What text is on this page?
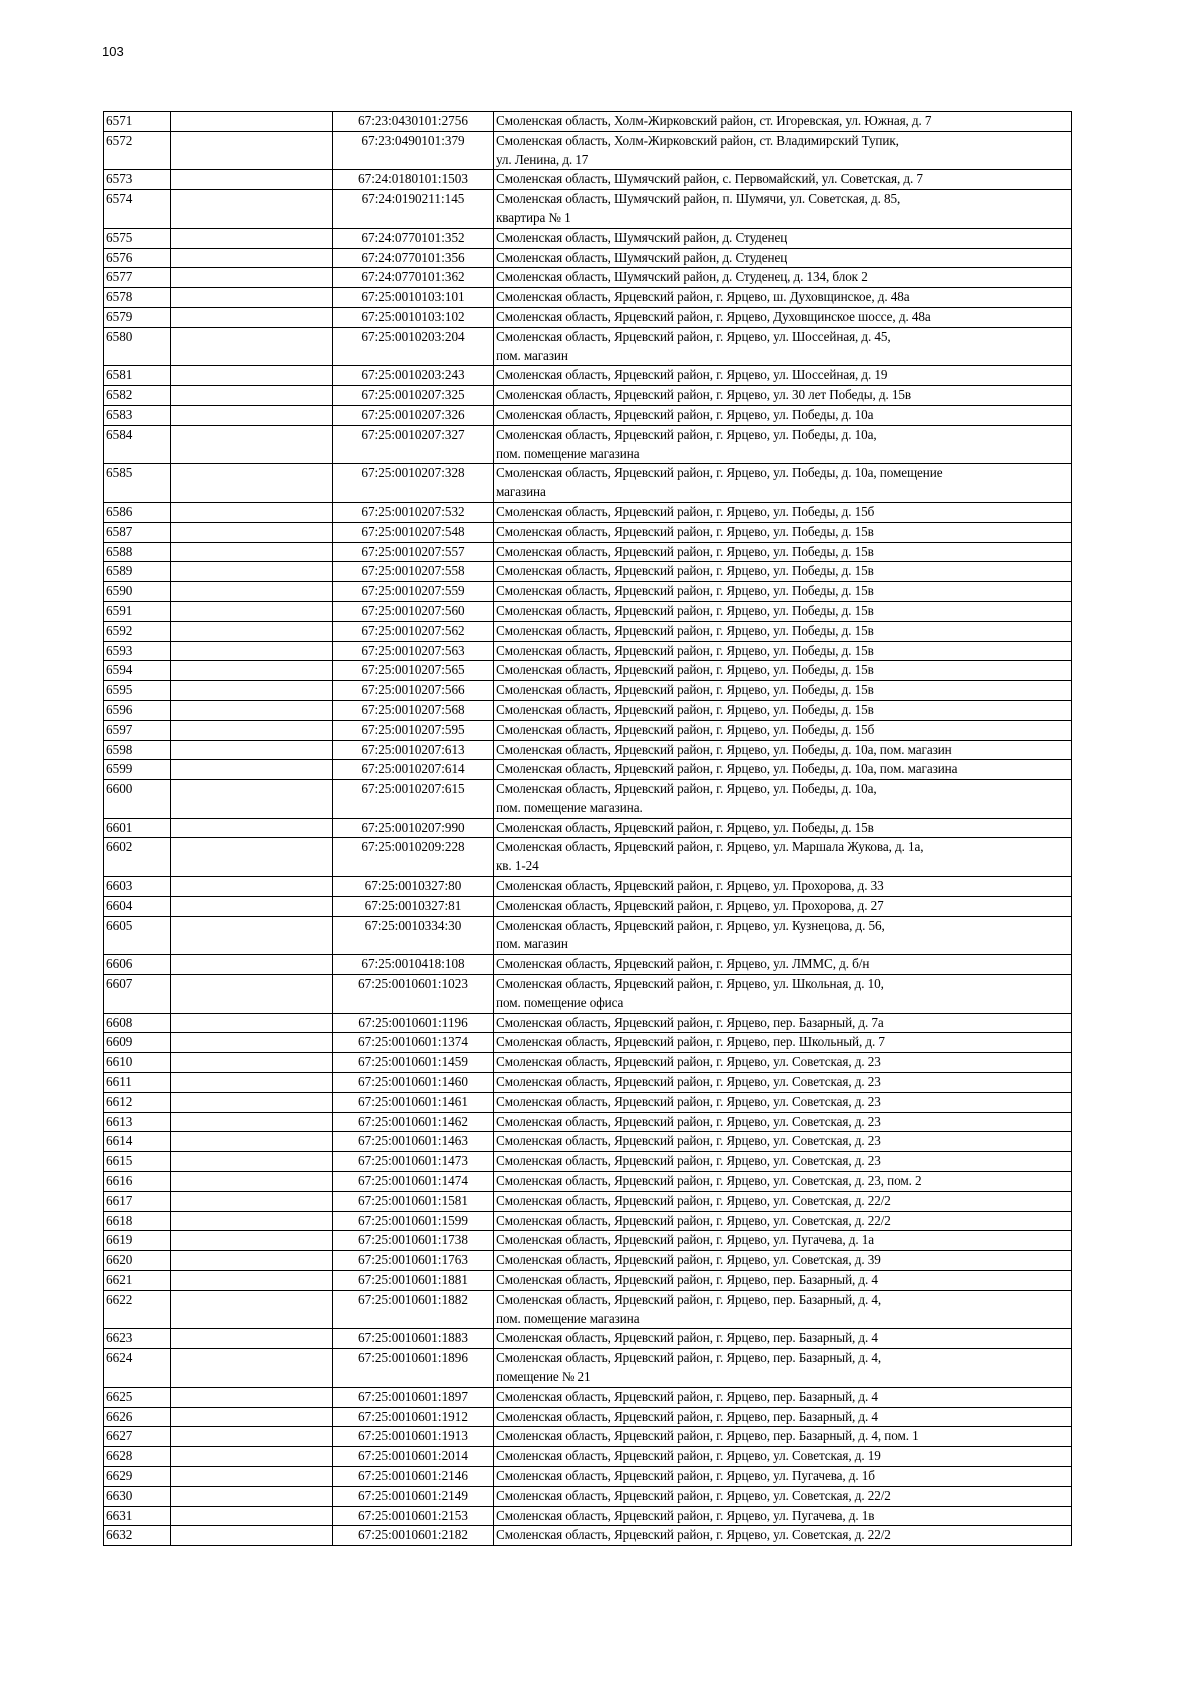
103
6571		67:23:0430101:2756	Смоленская область, Холм-Жирковский район, ст. Игоревская, ул. Южная, д. 7
6572		67:23:0490101:379	Смоленская область, Холм-Жирковский район, ст. Владимирский Тупик,
ул. Ленина, д. 17
6573		67:24:0180101:1503	Смоленская область, Шумячский район, с. Первомайский, ул. Советская, д. 7
6574		67:24:0190211:145	Смоленская область, Шумячский район, п. Шумячи, ул. Советская, д. 85,
квартира № 1
6575		67:24:0770101:352	Смоленская область, Шумячский район, д. Студенец
6576		67:24:0770101:356	Смоленская область, Шумячский район, д. Студенец
6577		67:24:0770101:362	Смоленская область, Шумячский район, д. Студенец, д. 134, блок 2
6578		67:25:0010103:101	Смоленская область, Ярцевский район, г. Ярцево, ш. Духовщинское, д. 48а
6579		67:25:0010103:102	Смоленская область, Ярцевский район, г. Ярцево, Духовщинское шоссе, д. 48а
6580		67:25:0010203:204	Смоленская область, Ярцевский район, г. Ярцево, ул. Шоссейная, д. 45,
пом. магазин
6581		67:25:0010203:243	Смоленская область, Ярцевский район, г. Ярцево, ул. Шоссейная, д. 19
6582		67:25:0010207:325	Смоленская область, Ярцевский район, г. Ярцево, ул. 30 лет Победы, д. 15в
6583		67:25:0010207:326	Смоленская область, Ярцевский район, г. Ярцево, ул. Победы, д. 10а
6584		67:25:0010207:327	Смоленская область, Ярцевский район, г. Ярцево, ул. Победы, д. 10а,
пом. помещение магазина
6585		67:25:0010207:328	Смоленская область, Ярцевский район, г. Ярцево, ул. Победы, д. 10а, помещение
магазина
6586		67:25:0010207:532	Смоленская область, Ярцевский район, г. Ярцево, ул. Победы, д. 15б
6587		67:25:0010207:548	Смоленская область, Ярцевский район, г. Ярцево, ул. Победы, д. 15в
6588		67:25:0010207:557	Смоленская область, Ярцевский район, г. Ярцево, ул. Победы, д. 15в
6589		67:25:0010207:558	Смоленская область, Ярцевский район, г. Ярцево, ул. Победы, д. 15в
6590		67:25:0010207:559	Смоленская область, Ярцевский район, г. Ярцево, ул. Победы, д. 15в
6591		67:25:0010207:560	Смоленская область, Ярцевский район, г. Ярцево, ул. Победы, д. 15в
6592		67:25:0010207:562	Смоленская область, Ярцевский район, г. Ярцево, ул. Победы, д. 15в
6593		67:25:0010207:563	Смоленская область, Ярцевский район, г. Ярцево, ул. Победы, д. 15в
6594		67:25:0010207:565	Смоленская область, Ярцевский район, г. Ярцево, ул. Победы, д. 15в
6595		67:25:0010207:566	Смоленская область, Ярцевский район, г. Ярцево, ул. Победы, д. 15в
6596		67:25:0010207:568	Смоленская область, Ярцевский район, г. Ярцево, ул. Победы, д. 15в
6597		67:25:0010207:595	Смоленская область, Ярцевский район, г. Ярцево, ул. Победы, д. 15б
6598		67:25:0010207:613	Смоленская область, Ярцевский район, г. Ярцево, ул. Победы, д. 10а, пом. магазин
6599		67:25:0010207:614	Смоленская область, Ярцевский район, г. Ярцево, ул. Победы, д. 10а, пом. магазина
6600		67:25:0010207:615	Смоленская область, Ярцевский район, г. Ярцево, ул. Победы, д. 10а,
пом. помещение магазина.
6601		67:25:0010207:990	Смоленская область, Ярцевский район, г. Ярцево, ул. Победы, д. 15в
6602		67:25:0010209:228	Смоленская область, Ярцевский район, г. Ярцево, ул. Маршала Жукова, д. 1а,
кв. 1-24
6603		67:25:0010327:80	Смоленская область, Ярцевский район, г. Ярцево, ул. Прохорова, д. 33
6604		67:25:0010327:81	Смоленская область, Ярцевский район, г. Ярцево, ул. Прохорова, д. 27
6605		67:25:0010334:30	Смоленская область, Ярцевский район, г. Ярцево, ул. Кузнецова, д. 56,
пом. магазин
6606		67:25:0010418:108	Смоленская область, Ярцевский район, г. Ярцево, ул. ЛММС, д. б/н
6607		67:25:0010601:1023	Смоленская область, Ярцевский район, г. Ярцево, ул. Школьная, д. 10,
пом. помещение офиса
6608		67:25:0010601:1196	Смоленская область, Ярцевский район, г. Ярцево, пер. Базарный, д. 7а
6609		67:25:0010601:1374	Смоленская область, Ярцевский район, г. Ярцево, пер. Школьный, д. 7
6610		67:25:0010601:1459	Смоленская область, Ярцевский район, г. Ярцево, ул. Советская, д. 23
6611		67:25:0010601:1460	Смоленская область, Ярцевский район, г. Ярцево, ул. Советская, д. 23
6612		67:25:0010601:1461	Смоленская область, Ярцевский район, г. Ярцево, ул. Советская, д. 23
6613		67:25:0010601:1462	Смоленская область, Ярцевский район, г. Ярцево, ул. Советская, д. 23
6614		67:25:0010601:1463	Смоленская область, Ярцевский район, г. Ярцево, ул. Советская, д. 23
6615		67:25:0010601:1473	Смоленская область, Ярцевский район, г. Ярцево, ул. Советская, д. 23
6616		67:25:0010601:1474	Смоленская область, Ярцевский район, г. Ярцево, ул. Советская, д. 23, пом. 2
6617		67:25:0010601:1581	Смоленская область, Ярцевский район, г. Ярцево, ул. Советская, д. 22/2
6618		67:25:0010601:1599	Смоленская область, Ярцевский район, г. Ярцево, ул. Советская, д. 22/2
6619		67:25:0010601:1738	Смоленская область, Ярцевский район, г. Ярцево, ул. Пугачева, д. 1а
6620		67:25:0010601:1763	Смоленская область, Ярцевский район, г. Ярцево, ул. Советская, д. 39
6621		67:25:0010601:1881	Смоленская область, Ярцевский район, г. Ярцево, пер. Базарный, д. 4
6622		67:25:0010601:1882	Смоленская область, Ярцевский район, г. Ярцево, пер. Базарный, д. 4,
пом. помещение магазина
6623		67:25:0010601:1883	Смоленская область, Ярцевский район, г. Ярцево, пер. Базарный, д. 4
6624		67:25:0010601:1896	Смоленская область, Ярцевский район, г. Ярцево, пер. Базарный, д. 4,
помещение № 21
6625		67:25:0010601:1897	Смоленская область, Ярцевский район, г. Ярцево, пер. Базарный, д. 4
6626		67:25:0010601:1912	Смоленская область, Ярцевский район, г. Ярцево, пер. Базарный, д. 4
6627		67:25:0010601:1913	Смоленская область, Ярцевский район, г. Ярцево, пер. Базарный, д. 4, пом. 1
6628		67:25:0010601:2014	Смоленская область, Ярцевский район, г. Ярцево, ул. Советская, д. 19
6629		67:25:0010601:2146	Смоленская область, Ярцевский район, г. Ярцево, ул. Пугачева, д. 1б
6630		67:25:0010601:2149	Смоленская область, Ярцевский район, г. Ярцево, ул. Советская, д. 22/2
6631		67:25:0010601:2153	Смоленская область, Ярцевский район, г. Ярцево, ул. Пугачева, д. 1в
6632		67:25:0010601:2182	Смоленская область, Ярцевский район, г. Ярцево, ул. Советская, д. 22/2
